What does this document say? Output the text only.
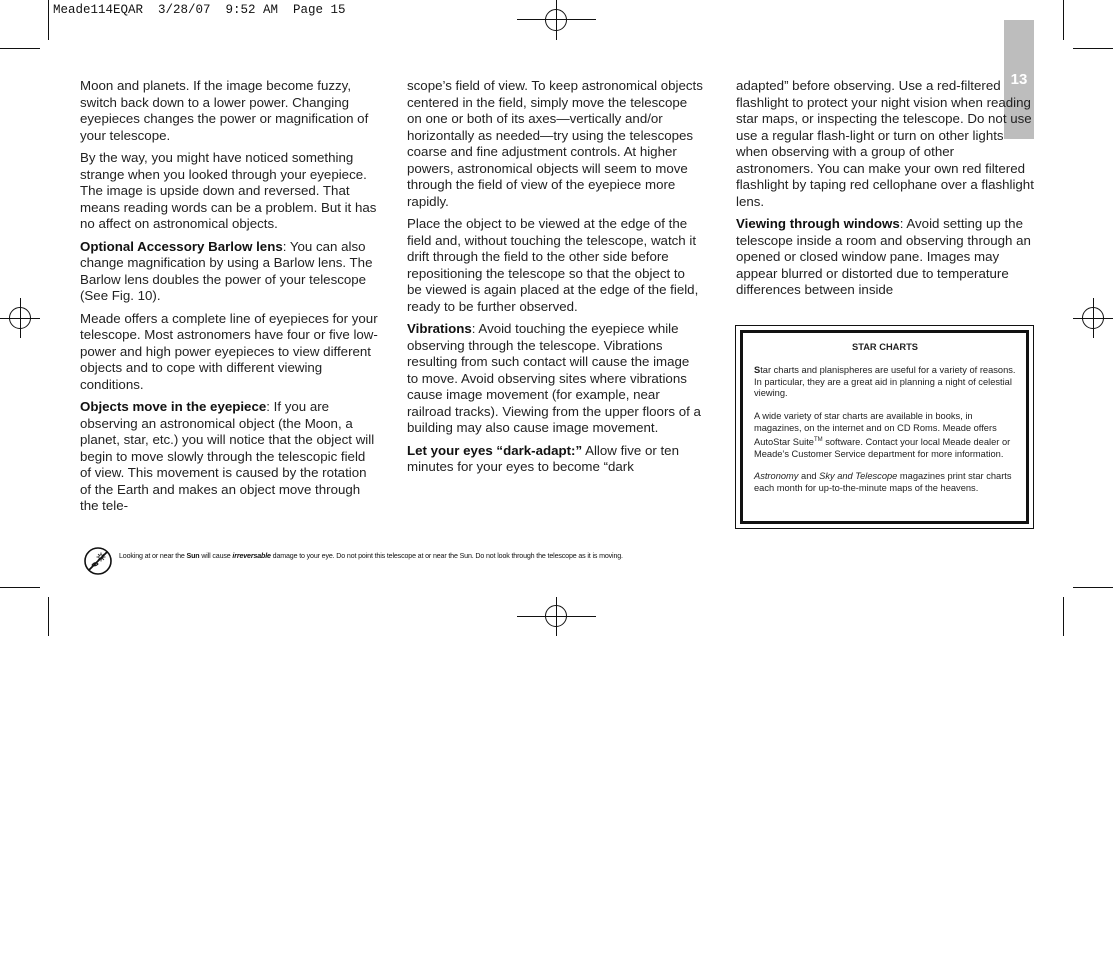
Meade114EQAR  3/28/07  9:52 AM  Page 15
13

Moon and planets. If the image become fuzzy, switch back down to a lower power. Changing eyepieces changes the power or magnification of your telescope.

By the way, you might have noticed something strange when you looked through your eyepiece. The image is upside down and reversed. That means reading words can be a problem. But it has no affect on astronomical objects.

Optional Accessory Barlow lens: You can also change magnification by using a Barlow lens. The Barlow lens doubles the power of your telescope (See Fig. 10).

Meade offers a complete line of eyepieces for your telescope. Most astronomers have four or five low-power and high power eyepieces to view different objects and to cope with different viewing conditions.

Objects move in the eyepiece: If you are observing an astronomical object (the Moon, a planet, star, etc.) you will notice that the object will begin to move slowly through the telescopic field of view. This movement is caused by the rotation of the Earth and makes an object move through the tele-

scope’s field of view. To keep astronomical objects centered in the field, simply move the telescope on one or both of its axes—vertically and/or horizontally as needed—try using the telescopes coarse and fine adjustment controls. At higher powers, astronomical objects will seem to move through the field of view of the eyepiece more rapidly.

Place the object to be viewed at the edge of the field and, without touching the telescope, watch it drift through the field to the other side before repositioning the telescope so that the object to be viewed is again placed at the edge of the field, ready to be further observed.

Vibrations: Avoid touching the eyepiece while observing through the telescope. Vibrations resulting from such contact will cause the image to move. Avoid observing sites where vibrations cause image movement (for example, near railroad tracks). Viewing from the upper floors of a building may also cause image movement.

Let your eyes “dark-adapt:” Allow five or ten minutes for your eyes to become “dark

adapted” before observing. Use a red-filtered flashlight to protect your night vision when reading star maps, or inspecting the telescope. Do not use use a regular flash-light or turn on other lights when observing with a group of other astronomers. You can make your own red filtered flashlight by taping red cellophane over a flashlight lens.

Viewing through windows: Avoid setting up the telescope inside a room and observing through an opened or closed window pane. Images may appear blurred or distorted due to temperature differences between inside

STAR CHARTS

Star charts and planispheres are useful for a variety of reasons. In particular, they are a great aid in planning a night of celestial viewing.

A wide variety of star charts are available in books, in magazines, on the internet and on CD Roms. Meade offers AutoStar Suite™ software. Contact your local Meade dealer or Meade’s Customer Service department for more information.

Astronomy and Sky and Telescope magazines print star charts each month for up-to-the-minute maps of the heavens.

Looking at or near the Sun will cause irreversable damage to your eye. Do not point this telescope at or near the Sun. Do not look through the telescope as it is moving.
